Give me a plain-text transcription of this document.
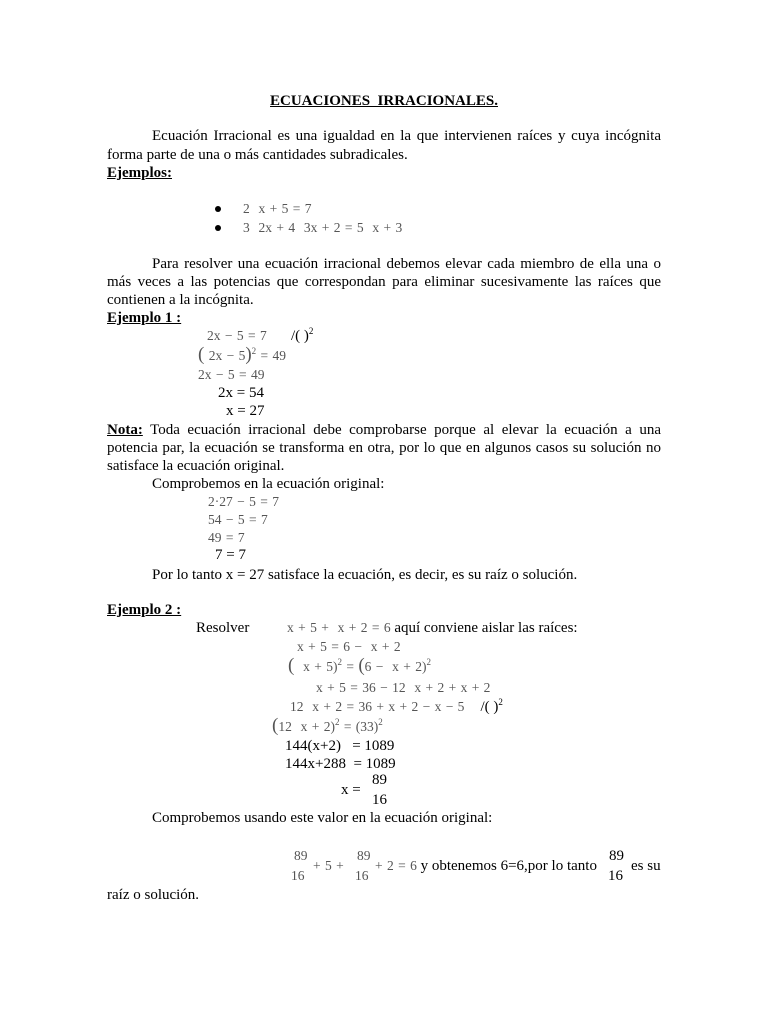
ECUACIONES  IRRACIONALES.
Ecuación Irracional es una igualdad en la que intervienen raíces y cuya incógnita
forma parte de una o más cantidades subradicales.
Ejemplos:
2  x + 5 = 7
3  2x + 4  3x + 2 = 5  x + 3
Para resolver una ecuación irracional debemos elevar cada miembro de ella una o
más veces a las potencias que correspondan para eliminar sucesivamente las raíces que
contienen a la incógnita.
Ejemplo 1 :
2x − 5 = 7 /( )$^2$
( 2x − 5)$^2$ = 49
2x − 5 = 49
2x = 54
x = 27
Nota: Toda ecuación irracional debe comprobarse porque al elevar la ecuación a una
potencia par, la ecuación se transforma en otra, por lo que en algunos casos su solución no
satisface la ecuación original.
Comprobemos en la ecuación original:
2·27 − 5 = 7
54 − 5 = 7
49 = 7
7 = 7
Por lo tanto x = 27 satisface la ecuación, es decir, es su raíz o solución.
Ejemplo 2 :
Resolver	x + 5 +  x + 2 = 6 aquí conviene aislar las raíces:
x + 5 = 6 −  x + 2
(  $x + 5)^2 = (6 - x + 2)^2$
x + 5 = 36 − 12  x + 2 + x + 2
12  x + 2 = 36 + x + 2 − x − 5 /( )$^2$
(12  $x + 2)^2 = (33)^2$
144(x+2)   = 1089
144x+288  = 1089
x =
89
16
Comprobemos usando este valor en la ecuación original:
89
16
+ 5 +
89
16
+ 2 = 6 y obtenemos 6=6,por lo tanto
89
16
es su
raíz o solución.
